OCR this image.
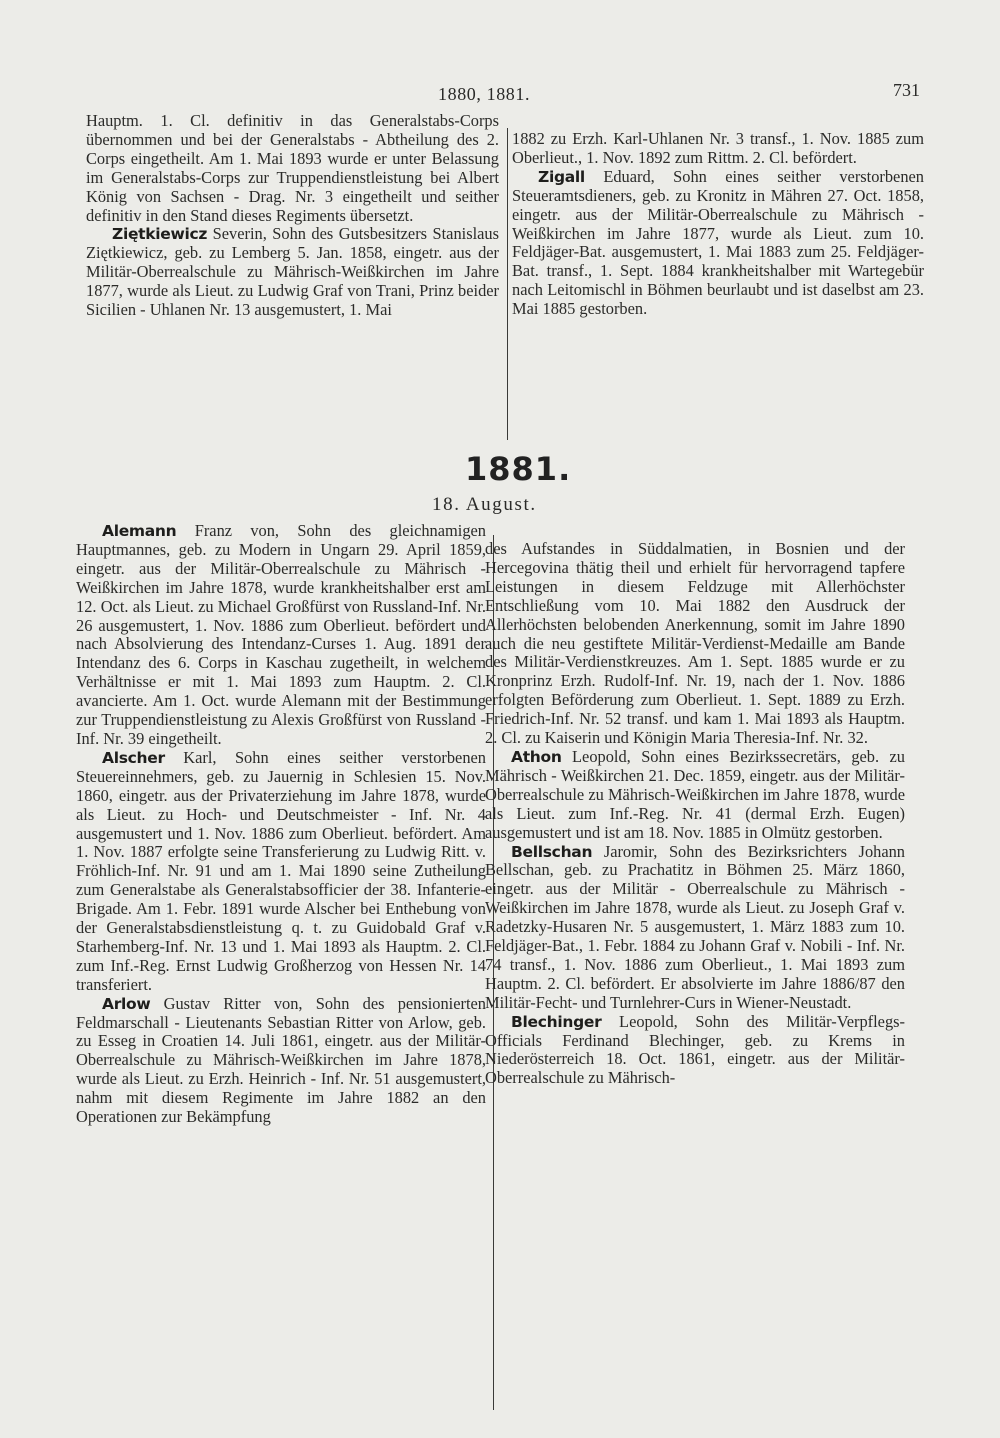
1880, 1881.	731

Hauptm. 1. Cl. definitiv in das Generalstabs-Corps übernommen und bei der Generalstabs - Abtheilung des 2. Corps eingetheilt. Am 1. Mai 1893 wurde er unter Belassung im Generalstabs-Corps zur Truppendienstleistung bei Albert König von Sachsen - Drag. Nr. 3 eingetheilt und seither definitiv in den Stand dieses Regiments übersetzt.

Ziętkiewicz Severin, Sohn des Gutsbesitzers Stanislaus Ziętkiewicz, geb. zu Lemberg 5. Jan. 1858, eingetr. aus der Militär-Oberrealschule zu Mährisch-Weißkirchen im Jahre 1877, wurde als Lieut. zu Ludwig Graf von Trani, Prinz beider Sicilien - Uhlanen Nr. 13 ausgemustert, 1. Mai

1882 zu Erzh. Karl-Uhlanen Nr. 3 transf., 1. Nov. 1885 zum Oberlieut., 1. Nov. 1892 zum Rittm. 2. Cl. befördert.

Zigall Eduard, Sohn eines seither verstorbenen Steueramtsdieners, geb. zu Kronitz in Mähren 27. Oct. 1858, eingetr. aus der Militär-Oberrealschule zu Mährisch - Weißkirchen im Jahre 1877, wurde als Lieut. zum 10. Feldjäger-Bat. ausgemustert, 1. Mai 1883 zum 25. Feldjäger-Bat. transf., 1. Sept. 1884 krankheitshalber mit Wartegebür nach Leitomischl in Böhmen beurlaubt und ist daselbst am 23. Mai 1885 gestorben.

1881.
18. August.

Alemann Franz von, Sohn des gleichnamigen Hauptmannes, geb. zu Modern in Ungarn 29. April 1859, eingetr. aus der Militär-Oberrealschule zu Mährisch - Weißkirchen im Jahre 1878, wurde krankheitshalber erst am 12. Oct. als Lieut. zu Michael Großfürst von Russland-Inf. Nr. 26 ausgemustert, 1. Nov. 1886 zum Oberlieut. befördert und nach Absolvierung des Intendanz-Curses 1. Aug. 1891 der Intendanz des 6. Corps in Kaschau zugetheilt, in welchem Verhältnisse er mit 1. Mai 1893 zum Hauptm. 2. Cl. avancierte. Am 1. Oct. wurde Alemann mit der Bestimmung zur Truppendienstleistung zu Alexis Großfürst von Russland - Inf. Nr. 39 eingetheilt.

Alscher Karl, Sohn eines seither verstorbenen Steuereinnehmers, geb. zu Jauernig in Schlesien 15. Nov. 1860, eingetr. aus der Privaterziehung im Jahre 1878, wurde als Lieut. zu Hoch- und Deutschmeister - Inf. Nr. 4 ausgemustert und 1. Nov. 1886 zum Oberlieut. befördert. Am 1. Nov. 1887 erfolgte seine Transferierung zu Ludwig Ritt. v. Fröhlich-Inf. Nr. 91 und am 1. Mai 1890 seine Zutheilung zum Generalstabe als Generalstabsofficier der 38. Infanterie-Brigade. Am 1. Febr. 1891 wurde Alscher bei Enthebung von der Generalstabsdienstleistung q. t. zu Guidobald Graf v. Starhemberg-Inf. Nr. 13 und 1. Mai 1893 als Hauptm. 2. Cl. zum Inf.-Reg. Ernst Ludwig Großherzog von Hessen Nr. 14 transferiert.

Arlow Gustav Ritter von, Sohn des pensionierten Feldmarschall - Lieutenants Sebastian Ritter von Arlow, geb. zu Esseg in Croatien 14. Juli 1861, eingetr. aus der Militär-Oberrealschule zu Mährisch-Weißkirchen im Jahre 1878, wurde als Lieut. zu Erzh. Heinrich - Inf. Nr. 51 ausgemustert, nahm mit diesem Regimente im Jahre 1882 an den Operationen zur Bekämpfung

des Aufstandes in Süddalmatien, in Bosnien und der Hercegovina thätig theil und erhielt für hervorragend tapfere Leistungen in diesem Feldzuge mit Allerhöchster Entschließung vom 10. Mai 1882 den Ausdruck der Allerhöchsten belobenden Anerkennung, somit im Jahre 1890 auch die neu gestiftete Militär-Verdienst-Medaille am Bande des Militär-Verdienstkreuzes. Am 1. Sept. 1885 wurde er zu Kronprinz Erzh. Rudolf-Inf. Nr. 19, nach der 1. Nov. 1886 erfolgten Beförderung zum Oberlieut. 1. Sept. 1889 zu Erzh. Friedrich-Inf. Nr. 52 transf. und kam 1. Mai 1893 als Hauptm. 2. Cl. zu Kaiserin und Königin Maria Theresia-Inf. Nr. 32.

Athon Leopold, Sohn eines Bezirkssecretärs, geb. zu Mährisch - Weißkirchen 21. Dec. 1859, eingetr. aus der Militär-Oberrealschule zu Mährisch-Weißkirchen im Jahre 1878, wurde als Lieut. zum Inf.-Reg. Nr. 41 (dermal Erzh. Eugen) ausgemustert und ist am 18. Nov. 1885 in Olmütz gestorben.

Bellschan Jaromir, Sohn des Bezirksrichters Johann Bellschan, geb. zu Prachatitz in Böhmen 25. März 1860, eingetr. aus der Militär - Oberrealschule zu Mährisch - Weißkirchen im Jahre 1878, wurde als Lieut. zu Joseph Graf v. Radetzky-Husaren Nr. 5 ausgemustert, 1. März 1883 zum 10. Feldjäger-Bat., 1. Febr. 1884 zu Johann Graf v. Nobili - Inf. Nr. 74 transf., 1. Nov. 1886 zum Oberlieut., 1. Mai 1893 zum Hauptm. 2. Cl. befördert. Er absolvierte im Jahre 1886/87 den Militär-Fecht- und Turnlehrer-Curs in Wiener-Neustadt.

Blechinger Leopold, Sohn des Militär-Verpflegs-Officials Ferdinand Blechinger, geb. zu Krems in Niederösterreich 18. Oct. 1861, eingetr. aus der Militär-Oberrealschule zu Mährisch-
